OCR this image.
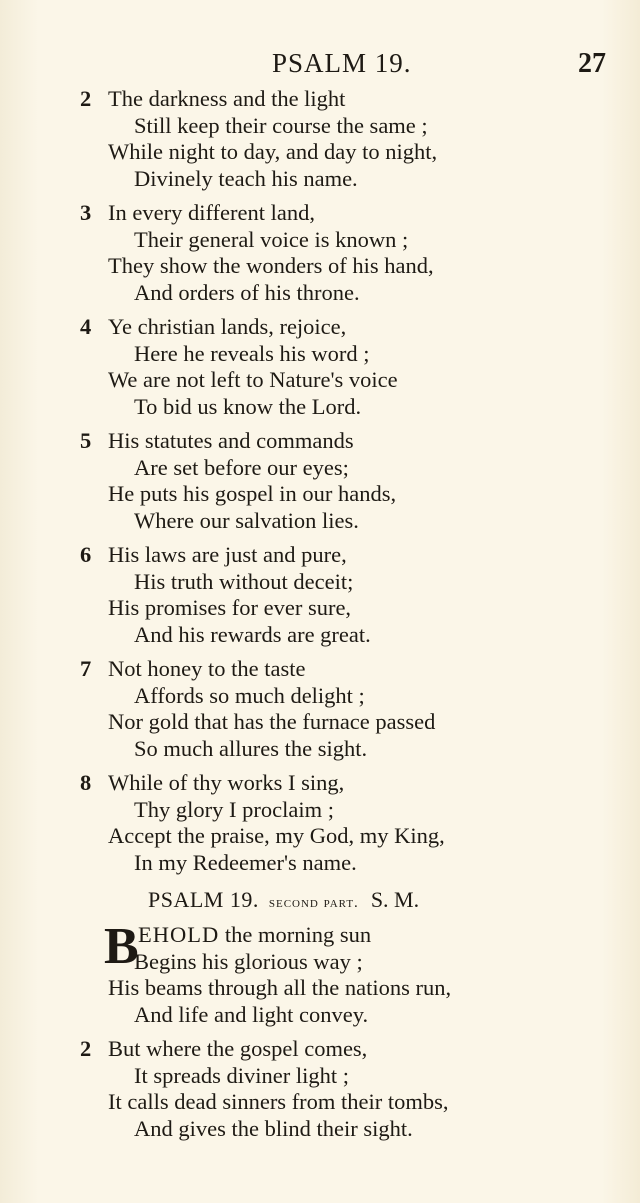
PSALM 19.	27
2 The darkness and the light
Still keep their course the same ;
While night to day, and day to night,
Divinely teach his name.
3 In every different land,
Their general voice is known ;
They show the wonders of his hand,
And orders of his throne.
4 Ye christian lands, rejoice,
Here he reveals his word ;
We are not left to Nature's voice
To bid us know the Lord.
5 His statutes and commands
Are set before our eyes;
He puts his gospel in our hands,
Where our salvation lies.
6 His laws are just and pure,
His truth without deceit;
His promises for ever sure,
And his rewards are great.
7 Not honey to the taste
Affords so much delight ;
Nor gold that has the furnace passed
So much allures the sight.
8 While of thy works I sing,
Thy glory I proclaim ;
Accept the praise, my God, my King,
In my Redeemer's name.
PSALM 19. second part. S. M.
B EHOLD the morning sun
Begins his glorious way ;
His beams through all the nations run,
And life and light convey.
2 But where the gospel comes,
It spreads diviner light ;
It calls dead sinners from their tombs,
And gives the blind their sight.
